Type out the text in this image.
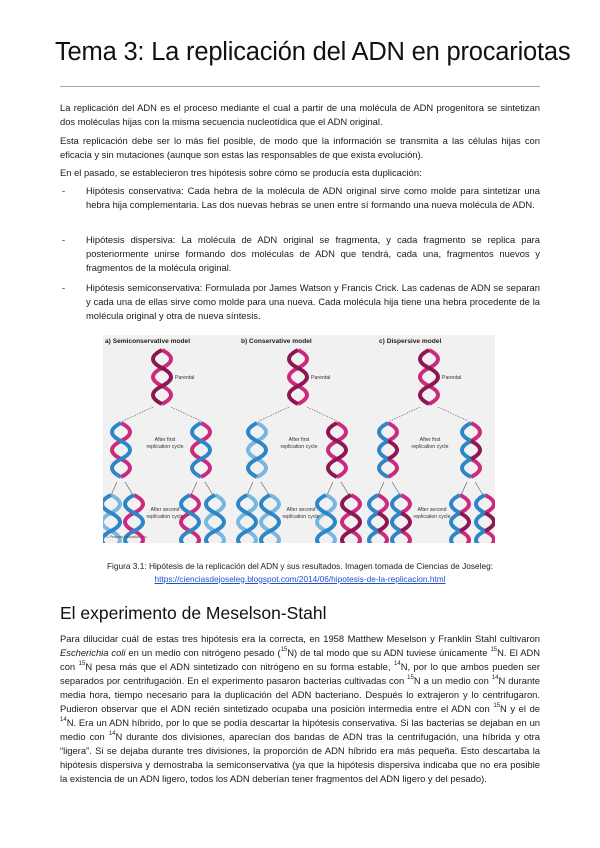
Tema 3: La replicación del ADN en procariotas
La replicación del ADN es el proceso mediante el cual a partir de una molécula de ADN progenitora se sintetizan dos moléculas hijas con la misma secuencia nucleotídica que el ADN original.
Esta replicación debe ser lo más fiel posible, de modo que la información se transmita a las células hijas con eficacia y sin mutaciones (aunque son estas las responsables de que exista evolución).
En el pasado, se establecieron tres hipótesis sobre cómo se producía esta duplicación:
- Hipótesis conservativa: Cada hebra de la molécula de ADN original sirve como molde para sintetizar una hebra hija complementaria. Las dos nuevas hebras se unen entre sí formando una nueva molécula de ADN.
- Hipótesis dispersiva: La molécula de ADN original se fragmenta, y cada fragmento se replica para posteriormente unirse formando dos moléculas de ADN que tendrá, cada una, fragmentos nuevos y fragmentos de la molécula original.
- Hipótesis semiconservativa: Formulada por James Watson y Francis Crick. Las cadenas de ADN se separan y cada una de ellas sirve como molde para una nueva. Cada molécula hija tiene una hebra procedente de la molécula original y otra de nueva síntesis.
a) Semiconservative model	b) Conservative model	c) Dispersive model
Parental	Parental	Parental
After first replication cycle
After first replication cycle
After first replication cycle
After second replication cycle
After second replication cycle
After second replication cycle
© Pearson Education, Inc.
Figura 3.1: Hipótesis de la replicación del ADN y sus resultados. Imagen tomada de Ciencias de Joseleg:
https://cienciasdejoseleg.blogspot.com/2014/06/hipotesis-de-la-replicacion.html
El experimento de Meselson-Stahl
Para dilucidar cuál de estas tres hipótesis era la correcta, en 1958 Matthew Meselson y Franklin Stahl cultivaron Escherichia coli en un medio con nitrógeno pesado ($^{15}$N) de tal modo que su ADN tuviese únicamente $^{15}$N. El ADN con $^{15}$N pesa más que el ADN sintetizado con nitrógeno en su forma estable, $^{14}$N, por lo que ambos pueden ser separados por centrifugación. En el experimento pasaron bacterias cultivadas con $^{15}$N a un medio con $^{14}$N durante media hora, tiempo necesario para la duplicación del ADN bacteriano. Después lo extrajeron y lo centrifugaron. Pudieron observar que el ADN recién sintetizado ocupaba una posición intermedia entre el ADN con $^{15}$N y el de $^{14}$N. Era un ADN híbrido, por lo que se podía descartar la hipótesis conservativa. Si las bacterias se dejaban en un medio con $^{14}$N durante dos divisiones, aparecían dos bandas de ADN tras la centrifugación, una híbrida y otra “ligera”. Si se dejaba durante tres divisiones, la proporción de ADN híbrido era más pequeña. Esto descartaba la hipótesis dispersiva y demostraba la semiconservativa (ya que la hipótesis dispersiva indicaba que no era posible la existencia de un ADN ligero, todos los ADN deberían tener fragmentos del ADN ligero y del pesado).
